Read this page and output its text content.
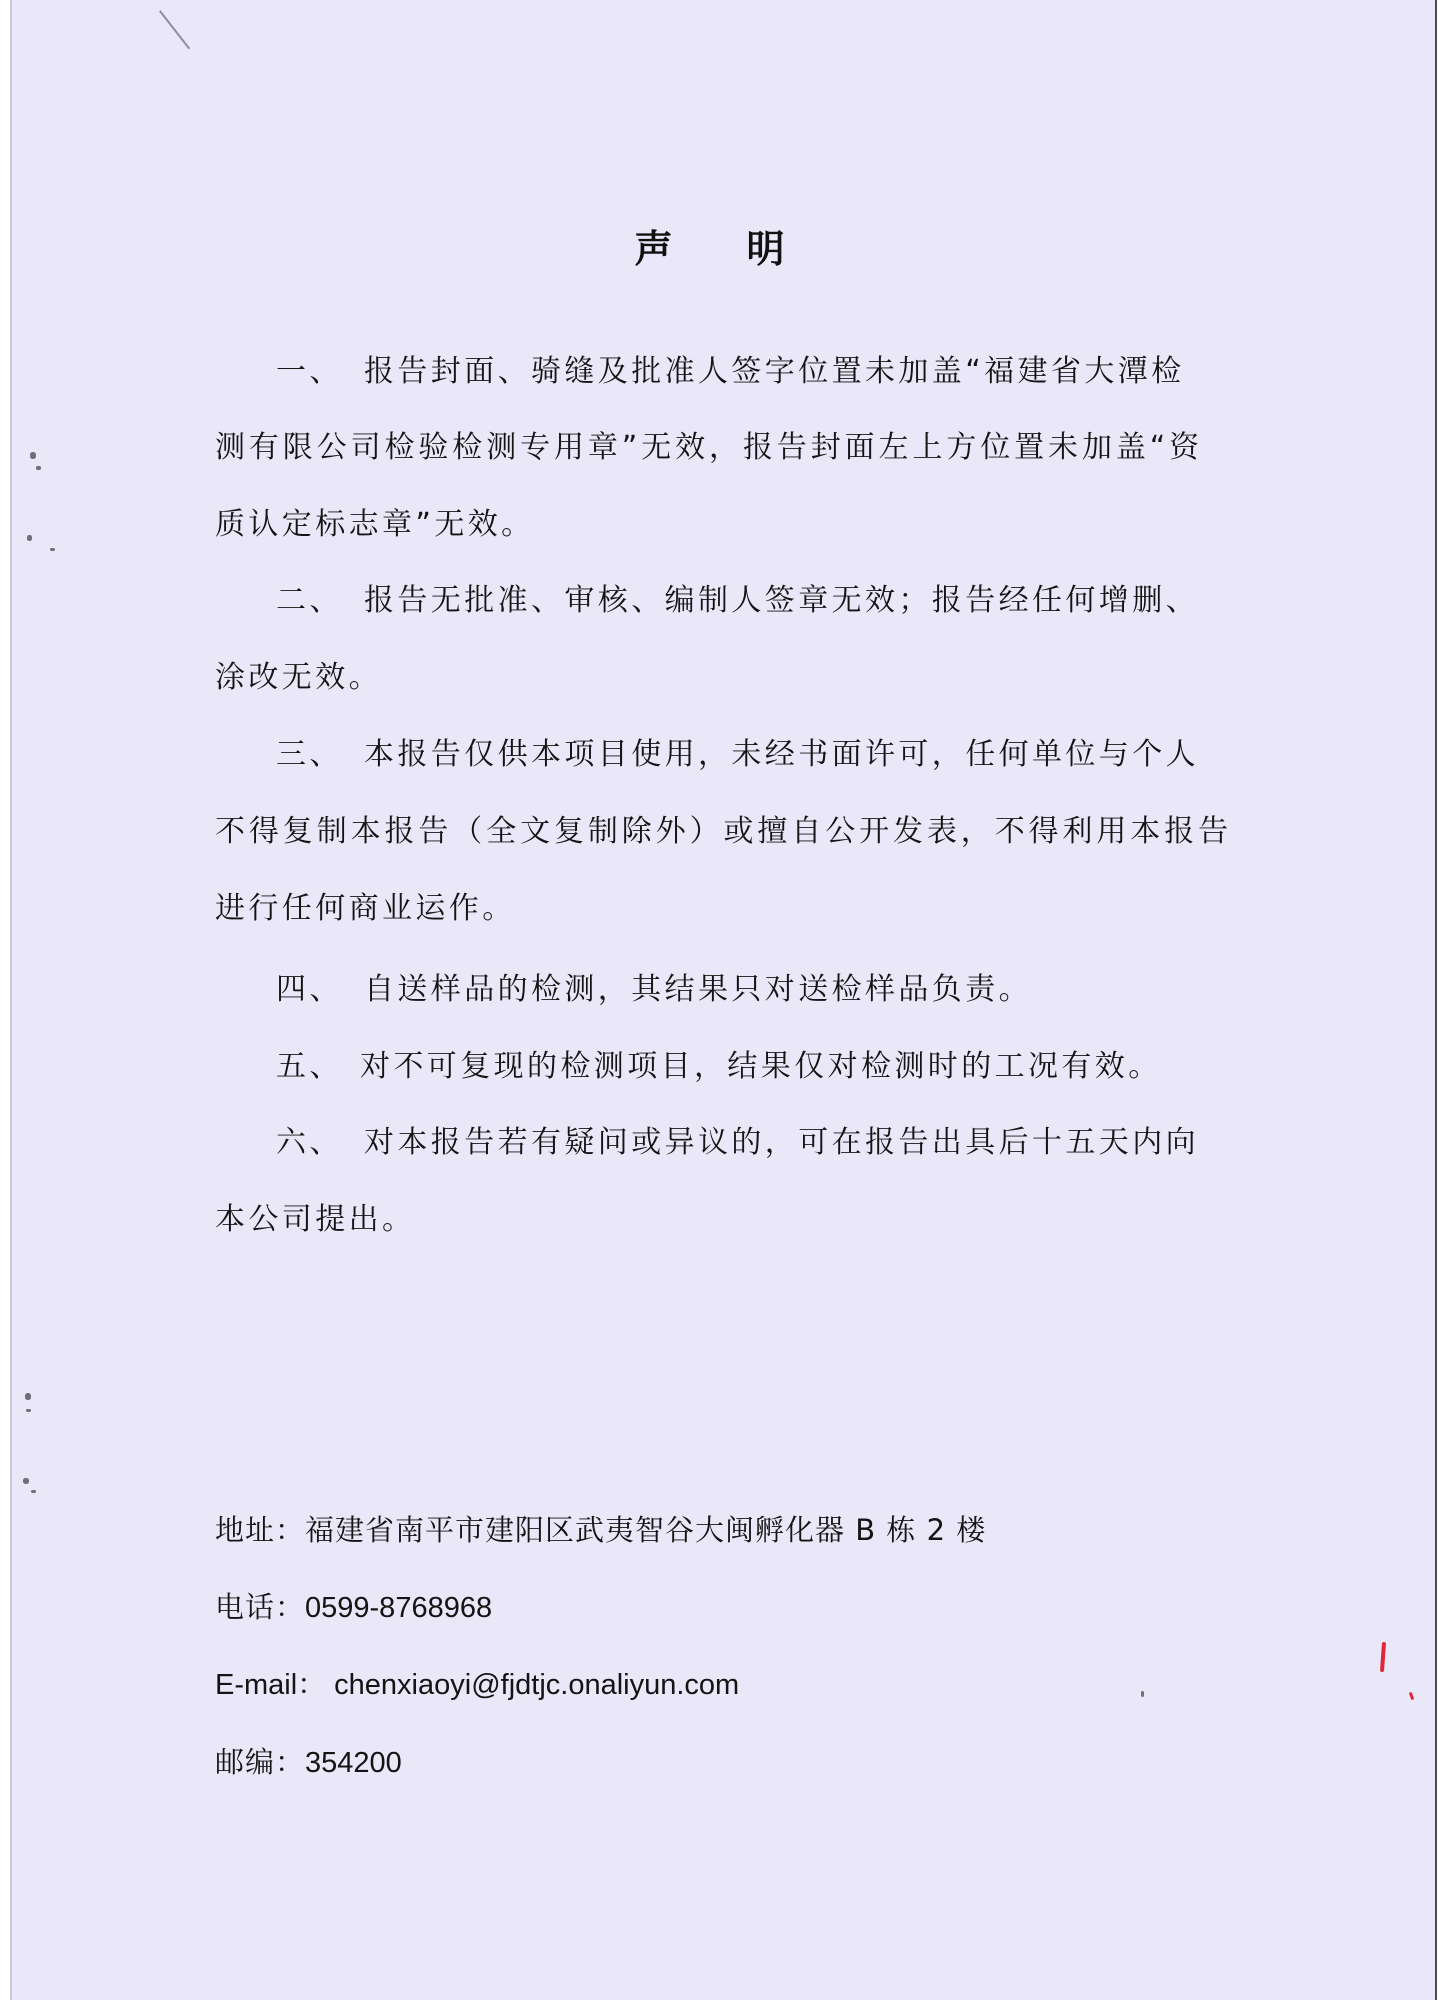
声 明
一、 报告封面、骑缝及批准人签字位置未加盖“福建省大潭检
测有限公司检验检测专用章”无效，报告封面左上方位置未加盖“资
质认定标志章”无效。
二、 报告无批准、审核、编制人签章无效；报告经任何增删、
涂改无效。
三、 本报告仅供本项目使用，未经书面许可，任何单位与个人
不得复制本报告（全文复制除外）或擅自公开发表，不得利用本报告
进行任何商业运作。
四、 自送样品的检测，其结果只对送检样品负责。
五、 对不可复现的检测项目，结果仅对检测时的工况有效。
六、 对本报告若有疑问或异议的，可在报告出具后十五天内向
本公司提出。
地址：福建省南平市建阳区武夷智谷大闽孵化器 B 栋 2 楼
电话：0599-8768968
E-mail： chenxiaoyi@fjdtjc.onaliyun.com
邮编：354200
